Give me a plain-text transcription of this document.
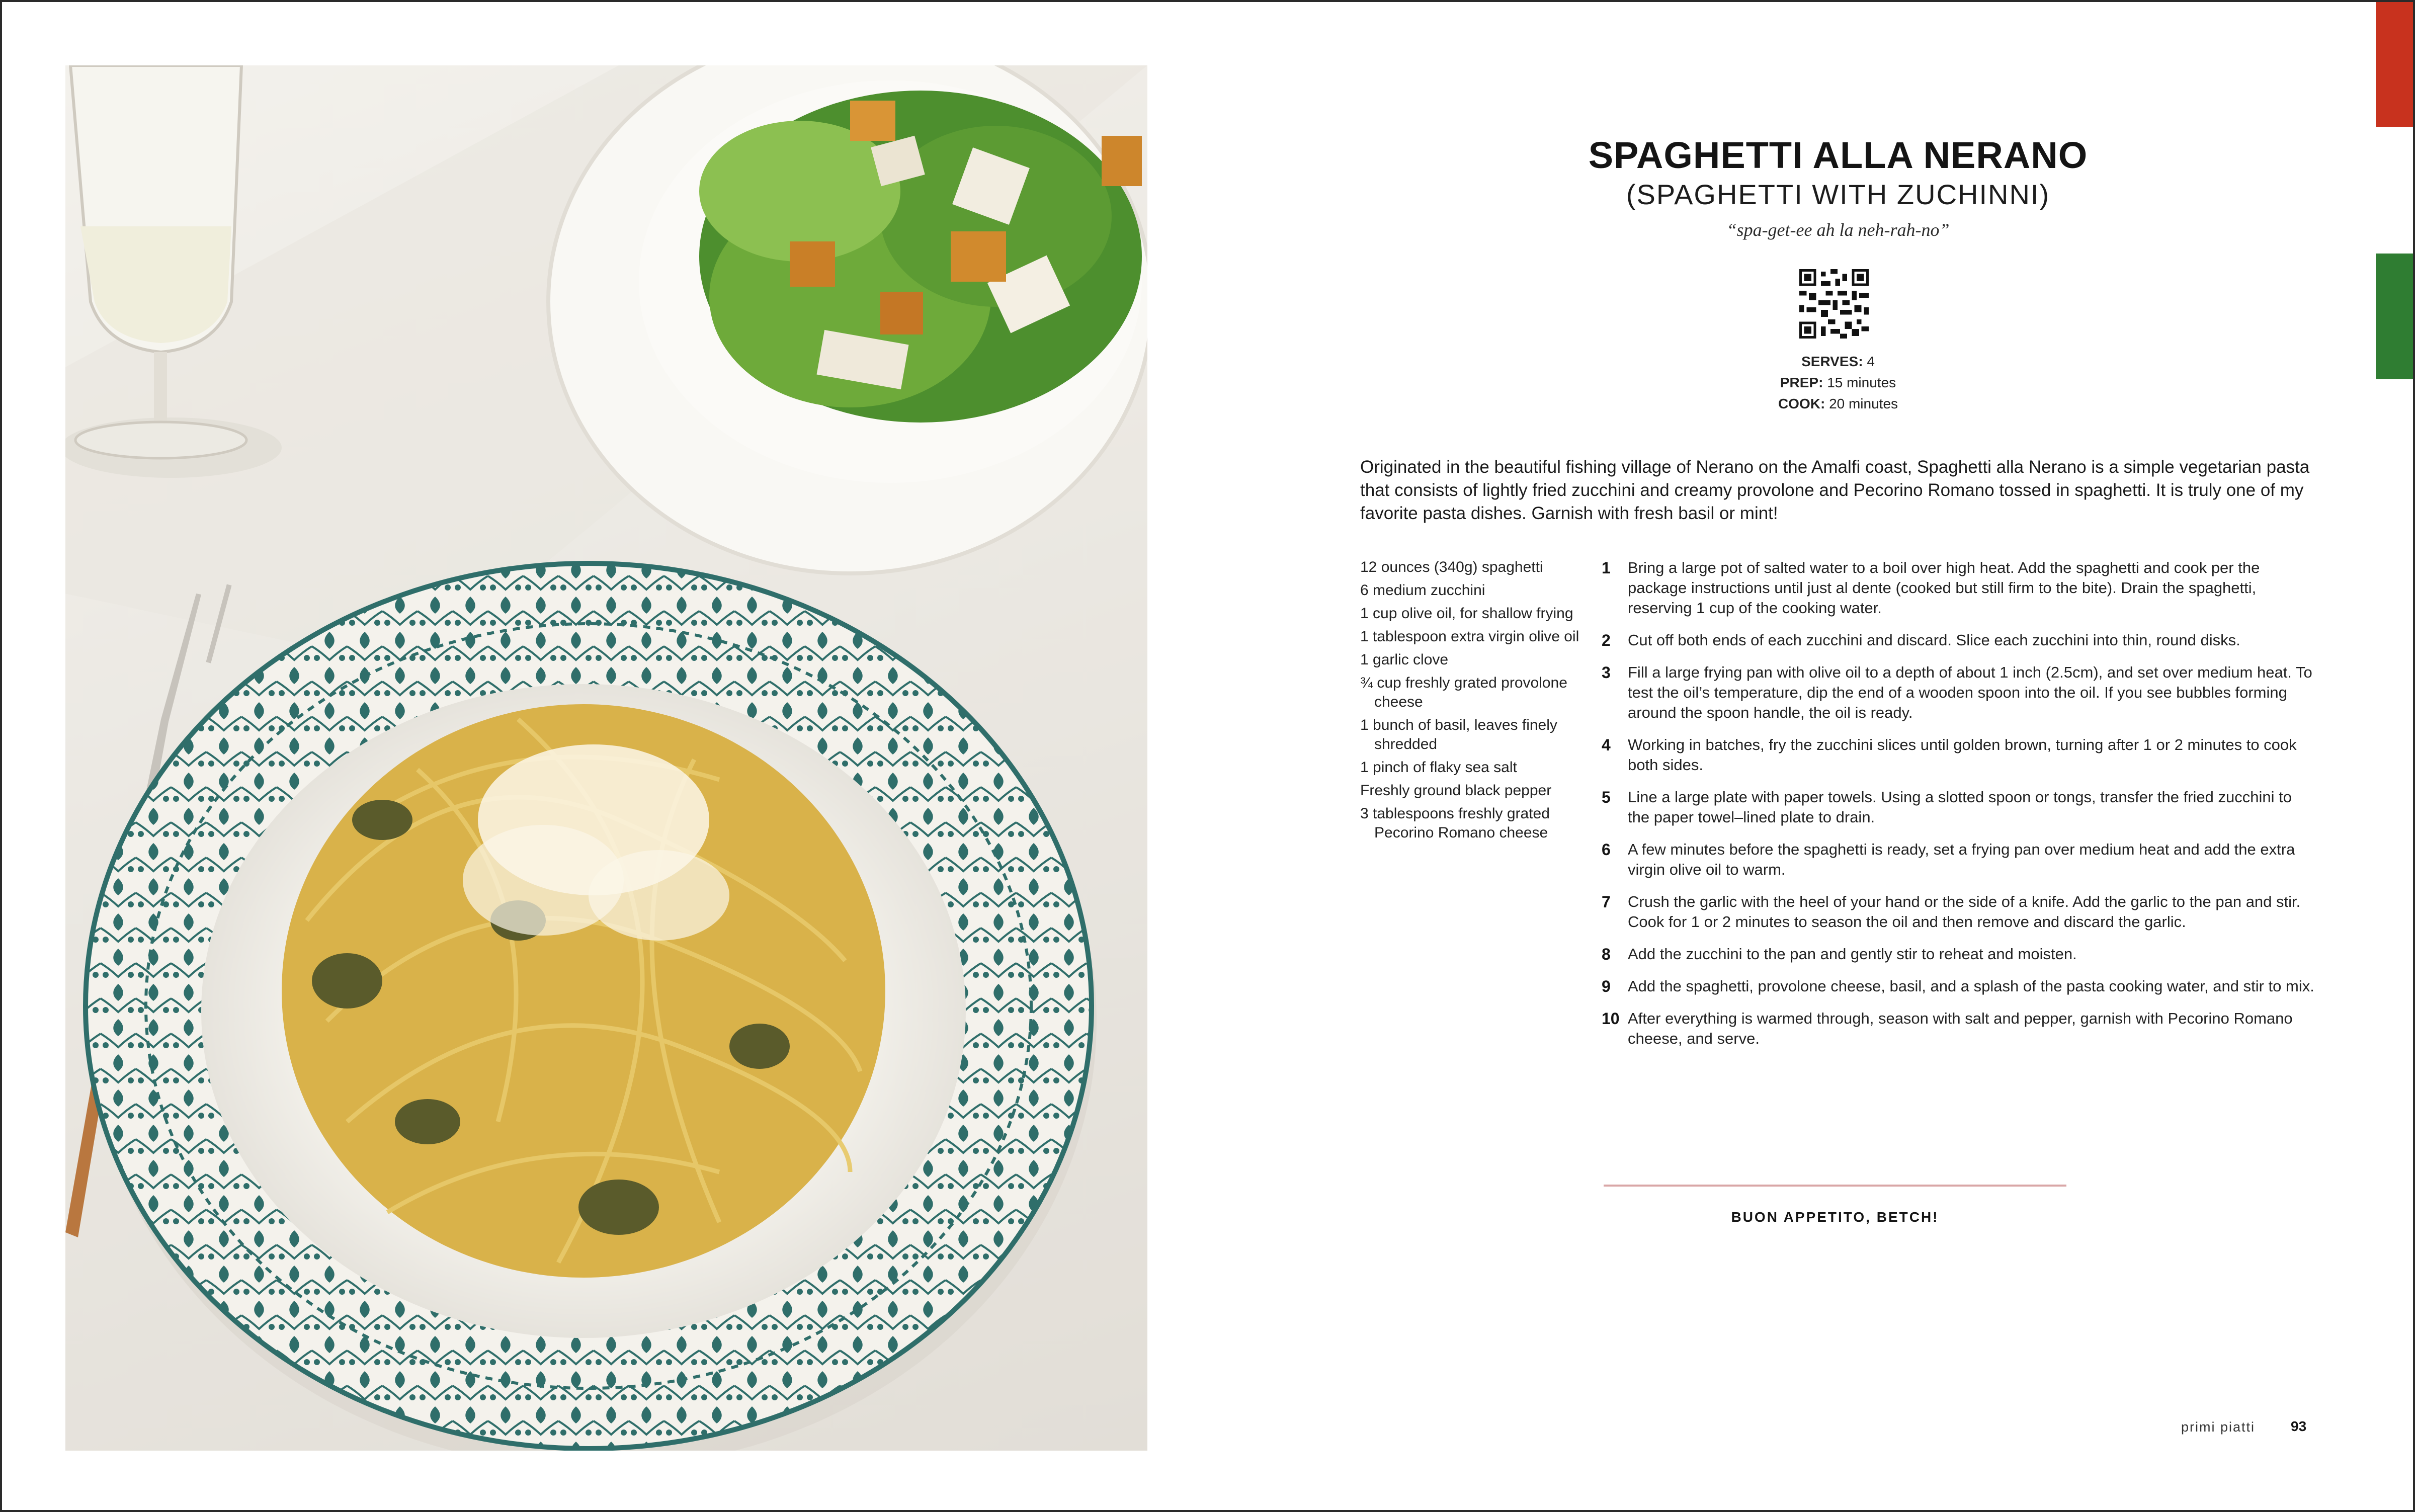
SPAGHETTI ALLA NERANO
(SPAGHETTI WITH ZUCHINNI)
“spa-get-ee ah la neh-rah-no”
SERVES: 4
PREP: 15 minutes
COOK: 20 minutes
Originated in the beautiful fishing village of Nerano on the Amalfi coast, Spaghetti alla Nerano is a simple vegetarian pasta that consists of lightly fried zucchini and creamy provolone and Pecorino Romano tossed in spaghetti. It is truly one of my favorite pasta dishes. Garnish with fresh basil or mint!
12 ounces (340g) spaghetti
6 medium zucchini
1 cup olive oil, for shallow frying
1 tablespoon extra virgin olive oil
1 garlic clove
¾ cup freshly grated provolone cheese
1 bunch of basil, leaves finely shredded
1 pinch of flaky sea salt
Freshly ground black pepper
3 tablespoons freshly grated Pecorino Romano cheese
1 Bring a large pot of salted water to a boil over high heat. Add the spaghetti and cook per the package instructions until just al dente (cooked but still firm to the bite). Drain the spaghetti, reserving 1 cup of the cooking water.
2 Cut off both ends of each zucchini and discard. Slice each zucchini into thin, round disks.
3 Fill a large frying pan with olive oil to a depth of about 1 inch (2.5cm), and set over medium heat. To test the oil’s temperature, dip the end of a wooden spoon into the oil. If you see bubbles forming around the spoon handle, the oil is ready.
4 Working in batches, fry the zucchini slices until golden brown, turning after 1 or 2 minutes to cook both sides.
5 Line a large plate with paper towels. Using a slotted spoon or tongs, transfer the fried zucchini to the paper towel–lined plate to drain.
6 A few minutes before the spaghetti is ready, set a frying pan over medium heat and add the extra virgin olive oil to warm.
7 Crush the garlic with the heel of your hand or the side of a knife. Add the garlic to the pan and stir. Cook for 1 or 2 minutes to season the oil and then remove and discard the garlic.
8 Add the zucchini to the pan and gently stir to reheat and moisten.
9 Add the spaghetti, provolone cheese, basil, and a splash of the pasta cooking water, and stir to mix.
10 After everything is warmed through, season with salt and pepper, garnish with Pecorino Romano cheese, and serve.
BUON APPETITO, BETCH!
primi piatti	93
